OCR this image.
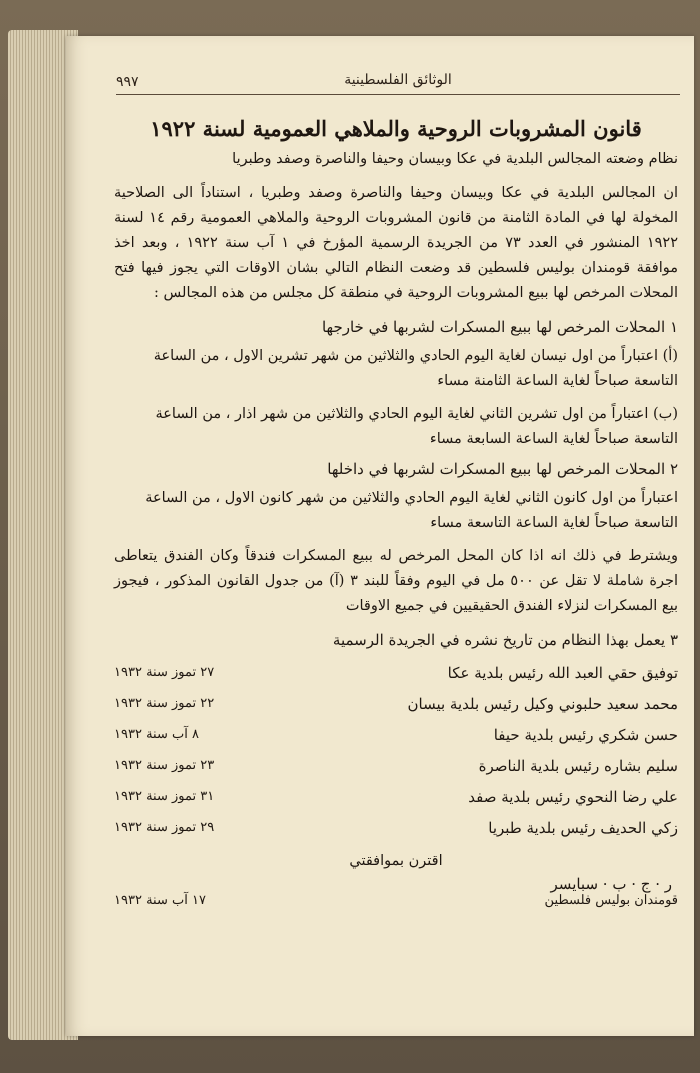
الوثائق الفلسطينية
٩٩٧
قانون المشروبات الروحية والملاهي العمومية لسنة ١٩٢٢
نظام وضعته المجالس البلدية في عكا وبيسان وحيفا والناصرة وصفد وطبريا
ان المجالس البلدية في عكا وبيسان وحيفا والناصرة وصفد وطبريا ، استناداً الى الصلاحية المخولة لها في المادة الثامنة من قانون المشروبات الروحية والملاهي العمومية رقم ١٤ لسنة ١٩٢٢ المنشور في العدد ٧٣ من الجريدة الرسمية المؤرخ في ١ آب سنة ١٩٢٢ ، وبعد اخذ موافقة قومندان بوليس فلسطين قد وضعت النظام التالي بشان الاوقات التي يجوز فيها فتح المحلات المرخص لها ببيع المشروبات الروحية في منطقة كل مجلس من هذه المجالس :
١ المحلات المرخص لها ببيع المسكرات لشربها في خارجها
(أ) اعتباراً من اول نيسان لغاية اليوم الحادي والثلاثين من شهر تشرين الاول ، من الساعة التاسعة صباحاً لغاية الساعة الثامنة مساء
(ب) اعتباراً من اول تشرين الثاني لغاية اليوم الحادي والثلاثين من شهر اذار ، من الساعة التاسعة صباحاً لغاية الساعة السابعة مساء
٢ المحلات المرخص لها ببيع المسكرات لشربها في داخلها
اعتباراً من اول كانون الثاني لغاية اليوم الحادي والثلاثين من شهر كانون الاول ، من الساعة التاسعة صباحاً لغاية الساعة التاسعة مساء
ويشترط في ذلك انه اذا كان المحل المرخص له ببيع المسكرات فندقاً وكان الفندق يتعاطى اجرة شاملة لا تقل عن ٥٠٠ مل في اليوم وفقاً للبند ٣ (آ) من جدول القانون المذكور ، فيجوز بيع المسكرات لنزلاء الفندق الحقيقيين في جميع الاوقات
٣ يعمل بهذا النظام من تاريخ نشره في الجريدة الرسمية
توفيق حقي العبد الله رئيس بلدية عكا
٢٧ تموز سنة ١٩٣٢
محمد سعيد حلبوني وكيل رئيس بلدية بيسان
٢٢ تموز سنة ١٩٣٢
حسن شكري رئيس بلدية حيفا
٨ آب سنة ١٩٣٢
سليم بشاره رئيس بلدية الناصرة
٢٣ تموز سنة ١٩٣٢
علي رضا النحوي رئيس بلدية صفد
٣١ تموز سنة ١٩٣٢
زكي الحديف رئيس بلدية طبريا
٢٩ تموز سنة ١٩٣٢
اقترن بموافقتي
ر · ج · ب · سبايسر
قومندان بوليس فلسطين
١٧ آب سنة ١٩٣٢
